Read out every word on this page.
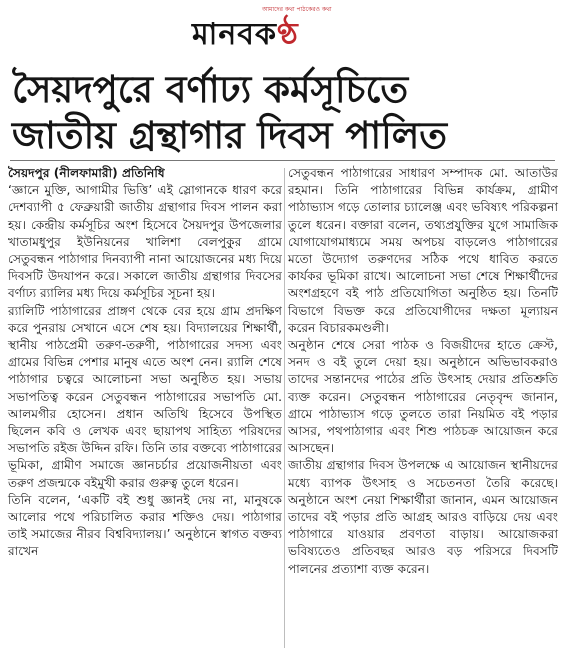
আমাদের কথা পাঠকেরও কথা
মানবকণ্ঠ
সৈয়দপুরে বর্ণাঢ্য কর্মসূচিতে
জাতীয় গ্রন্থাগার দিবস পালিত

সৈয়দপুর (নীলফামারী) প্রতিনিধি

‘জ্ঞানে মুক্তি, আগামীর ভিত্তি’ এই স্লোগানকে ধারণ করে দেশব্যাপী ৫ ফেব্রুয়ারী জাতীয় গ্রন্থাগার দিবস পালন করা হয়। কেন্দ্রীয় কর্মসূচির অংশ হিসেবে সৈয়দপুর উপজেলার খাতামধুপুর ইউনিয়নের খালিশা বেলপুকুর গ্রামে সেতুবন্ধন পাঠাগার দিনব্যাপী নানা আয়োজনের মধ্য দিয়ে দিবসটি উদযাপন করে। সকালে জাতীয় গ্রন্থাগার দিবসের বর্ণাঢ্য র‌্যালির মধ্য দিয়ে কর্মসূচির সূচনা হয়।

র‌্যালিটি পাঠাগারের প্রাঙ্গণ থেকে বের হয়ে গ্রাম প্রদক্ষিণ করে পুনরায় সেখানে এসে শেষ হয়। বিদ্যালয়ের শিক্ষার্থী, স্থানীয় পাঠপ্রেমী তরুণ-তরুণী, পাঠাগারের সদস্য এবং গ্রামের বিভিন্ন পেশার মানুষ এতে অংশ নেন। র‌্যালি শেষে পাঠাগার চত্বরে আলোচনা সভা অনুষ্ঠিত হয়। সভায় সভাপতিত্ব করেন সেতুবন্ধন পাঠাগারের সভাপতি মো. আলমগীর হোসেন। প্রধান অতিথি হিসেবে উপস্থিত ছিলেন কবি ও লেখক এবং ছায়াপথ সাহিত্য পরিষদের সভাপতি রইজ উদ্দিন রফি। তিনি তার বক্তব্যে পাঠাগারের ভূমিকা, গ্রামীণ সমাজে জ্ঞানচর্চার প্রয়োজনীয়তা এবং তরুণ প্রজন্মকে বইমুখী করার গুরুত্ব তুলে ধরেন।

তিনি বলেন, ‘একটি বই শুধু জ্ঞানই দেয় না, মানুষকে আলোর পথে পরিচালিত করার শক্তিও দেয়। পাঠাগার তাই সমাজের নীরব বিশ্ববিদ্যালয়।’ অনুষ্ঠানে স্বাগত বক্তব্য রাখেন

সেতুবন্ধন পাঠাগারের সাধারণ সম্পাদক মো. আতাউর রহমান। তিনি পাঠাগারের বিভিন্ন কার্যক্রম, গ্রামীণ পাঠাভ্যাস গড়ে তোলার চ্যালেঞ্জ এবং ভবিষ্যৎ পরিকল্পনা তুলে ধরেন। বক্তারা বলেন, তথ্যপ্রযুক্তির যুগে সামাজিক যোগাযোগমাধ্যমে সময় অপচয় বাড়লেও পাঠাগারের মতো উদ্যোগ তরুণদের সঠিক পথে ধাবিত করতে কার্যকর ভূমিকা রাখে। আলোচনা সভা শেষে শিক্ষার্থীদের অংশগ্রহণে বই পাঠ প্রতিযোগিতা অনুষ্ঠিত হয়। তিনটি বিভাগে বিভক্ত করে প্রতিযোগীদের দক্ষতা মূল্যায়ন করেন বিচারকমণ্ডলী।

অনুষ্ঠান শেষে সেরা পাঠক ও বিজয়ীদের হাতে ক্রেস্ট, সনদ ও বই তুলে দেয়া হয়। অনুষ্ঠানে অভিভাবকরাও তাদের সন্তানদের পাঠের প্রতি উৎসাহ দেয়ার প্রতিশ্রুতি ব্যক্ত করেন। সেতুবন্ধন পাঠাগারের নেতৃবৃন্দ জানান, গ্রামে পাঠাভ্যাস গড়ে তুলতে তারা নিয়মিত বই পড়ার আসর, পথপাঠাগার এবং শিশু পাঠচক্র আয়োজন করে আসছেন।

জাতীয় গ্রন্থাগার দিবস উপলক্ষে এ আয়োজন স্থানীয়দের মধ্যে ব্যাপক উৎসাহ ও সচেতনতা তৈরি করেছে। অনুষ্ঠানে অংশ নেয়া শিক্ষার্থীরা জানান, এমন আয়োজন তাদের বই পড়ার প্রতি আগ্রহ আরও বাড়িয়ে দেয় এবং পাঠাগারে যাওয়ার প্রবণতা বাড়ায়। আয়োজকরা ভবিষ্যতেও প্রতিবছর আরও বড় পরিসরে দিবসটি পালনের প্রত্যাশা ব্যক্ত করেন।
